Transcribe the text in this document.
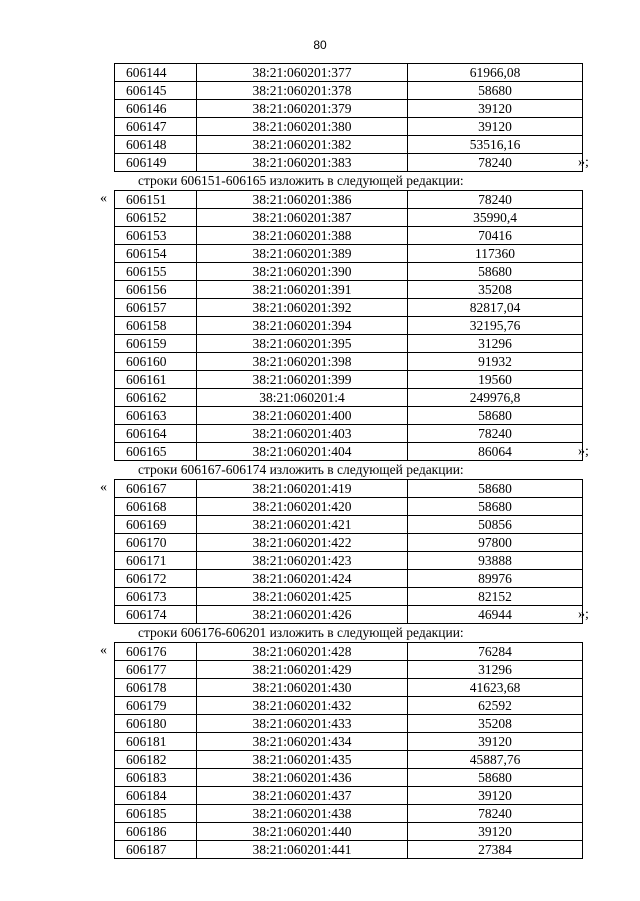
80
606144	38:21:060201:377	61966,08
606145	38:21:060201:378	58680
606146	38:21:060201:379	39120
606147	38:21:060201:380	39120
606148	38:21:060201:382	53516,16
606149	38:21:060201:383	78240	»;
строки 606151-606165 изложить в следующей редакции:
« 606151	38:21:060201:386	78240
606152	38:21:060201:387	35990,4
606153	38:21:060201:388	70416
606154	38:21:060201:389	117360
606155	38:21:060201:390	58680
606156	38:21:060201:391	35208
606157	38:21:060201:392	82817,04
606158	38:21:060201:394	32195,76
606159	38:21:060201:395	31296
606160	38:21:060201:398	91932
606161	38:21:060201:399	19560
606162	38:21:060201:4	249976,8
606163	38:21:060201:400	58680
606164	38:21:060201:403	78240
606165	38:21:060201:404	86064	»;
строки 606167-606174 изложить в следующей редакции:
« 606167	38:21:060201:419	58680
606168	38:21:060201:420	58680
606169	38:21:060201:421	50856
606170	38:21:060201:422	97800
606171	38:21:060201:423	93888
606172	38:21:060201:424	89976
606173	38:21:060201:425	82152
606174	38:21:060201:426	46944	»;
строки 606176-606201 изложить в следующей редакции:
« 606176	38:21:060201:428	76284
606177	38:21:060201:429	31296
606178	38:21:060201:430	41623,68
606179	38:21:060201:432	62592
606180	38:21:060201:433	35208
606181	38:21:060201:434	39120
606182	38:21:060201:435	45887,76
606183	38:21:060201:436	58680
606184	38:21:060201:437	39120
606185	38:21:060201:438	78240
606186	38:21:060201:440	39120
606187	38:21:060201:441	27384
